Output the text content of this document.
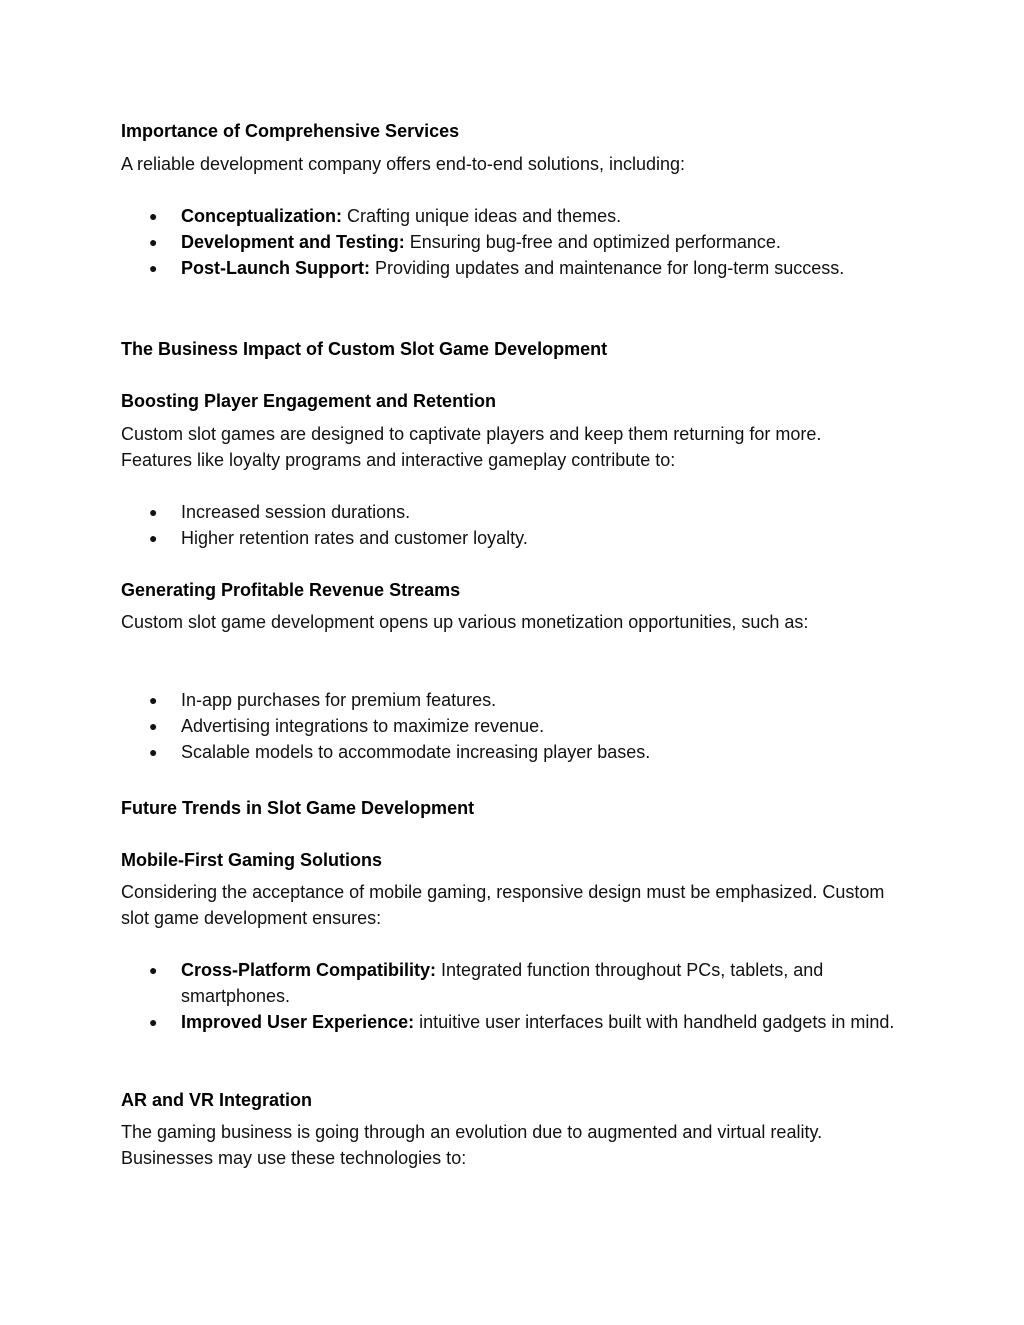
Importance of Comprehensive Services

A reliable development company offers end-to-end solutions, including:

● Conceptualization: Crafting unique ideas and themes.
● Development and Testing: Ensuring bug-free and optimized performance.
● Post-Launch Support: Providing updates and maintenance for long-term success.
The Business Impact of Custom Slot Game Development
Boosting Player Engagement and Retention

Custom slot games are designed to captivate players and keep them returning for more. Features like loyalty programs and interactive gameplay contribute to:

● Increased session durations.
● Higher retention rates and customer loyalty.
Generating Profitable Revenue Streams

Custom slot game development opens up various monetization opportunities, such as:

● In-app purchases for premium features.
● Advertising integrations to maximize revenue.
● Scalable models to accommodate increasing player bases.
Future Trends in Slot Game Development
Mobile-First Gaming Solutions

Considering the acceptance of mobile gaming, responsive design must be emphasized. Custom slot game development ensures:

● Cross-Platform Compatibility: Integrated function throughout PCs, tablets, and smartphones.
● Improved User Experience: intuitive user interfaces built with handheld gadgets in mind.
AR and VR Integration

The gaming business is going through an evolution due to augmented and virtual reality. Businesses may use these technologies to:
